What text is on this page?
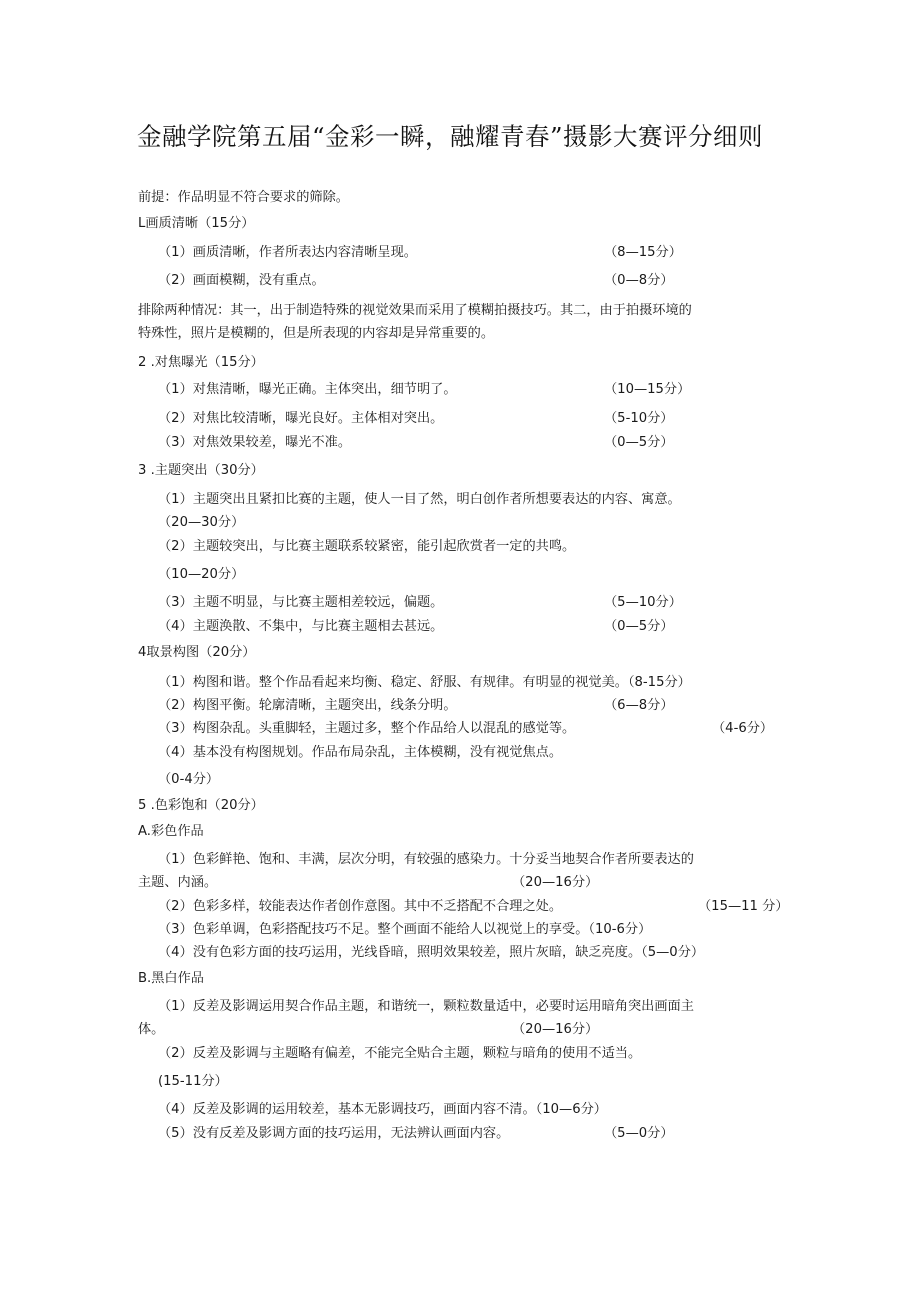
金融学院第五届“金彩一瞬，融耀青春”摄影大赛评分细则
前提：作品明显不符合要求的筛除。
L画质清晰（15分）
（1）画质清晰，作者所表达内容清晰呈现。	（8—15分）
（2）画面模糊，没有重点。	（0—8分）
排除两种情况：其一，出于制造特殊的视觉效果而采用了模糊拍摄技巧。其二，由于拍摄环境的
特殊性，照片是模糊的，但是所表现的内容却是异常重要的。
2 .对焦曝光（15分）
（1）对焦清晰，曝光正确。主体突出，细节明了。	（10—15分）
（2）对焦比较清晰，曝光良好。主体相对突出。	（5-10分）
（3）对焦效果较差，曝光不准。	（0—5分）
3 .主题突出（30分）
（1）主题突出且紧扣比赛的主题，使人一目了然，明白创作者所想要表达的内容、寓意。
（20—30分）
（2）主题较突出，与比赛主题联系较紧密，能引起欣赏者一定的共鸣。
（10—20分）
（3）主题不明显，与比赛主题相差较远，偏题。	（5—10分）
（4）主题涣散、不集中，与比赛主题相去甚远。	（0—5分）
4取景构图（20分）
（1）构图和谐。整个作品看起来均衡、稳定、舒服、有规律。有明显的视觉美。（8-15分）
（2）构图平衡。轮廓清晰，主题突出，线条分明。	（6—8分）
（3）构图杂乱。头重脚轻，主题过多，整个作品给人以混乱的感觉等。	（4-6分）
（4）基本没有构图规划。作品布局杂乱，主体模糊，没有视觉焦点。
（0-4分）
5 .色彩饱和（20分）
A.彩色作品
（1）色彩鲜艳、饱和、丰满，层次分明，有较强的感染力。十分妥当地契合作者所要表达的
主题、内涵。	（20—16分）
（2）色彩多样，较能表达作者创作意图。其中不乏搭配不合理之处。	（15—11 分）
（3）色彩单调，色彩搭配技巧不足。整个画面不能给人以视觉上的享受。（10-6分）
（4）没有色彩方面的技巧运用，光线昏暗，照明效果较差，照片灰暗，缺乏亮度。（5—0分）
B.黑白作品
（1）反差及影调运用契合作品主题，和谐统一，颗粒数量适中，必要时运用暗角突出画面主
体。	（20—16分）
（2）反差及影调与主题略有偏差，不能完全贴合主题，颗粒与暗角的使用不适当。
(15-11分）
（4）反差及影调的运用较差，基本无影调技巧，画面内容不清。（10—6分）
（5）没有反差及影调方面的技巧运用，无法辨认画面内容。	（5—0分）
